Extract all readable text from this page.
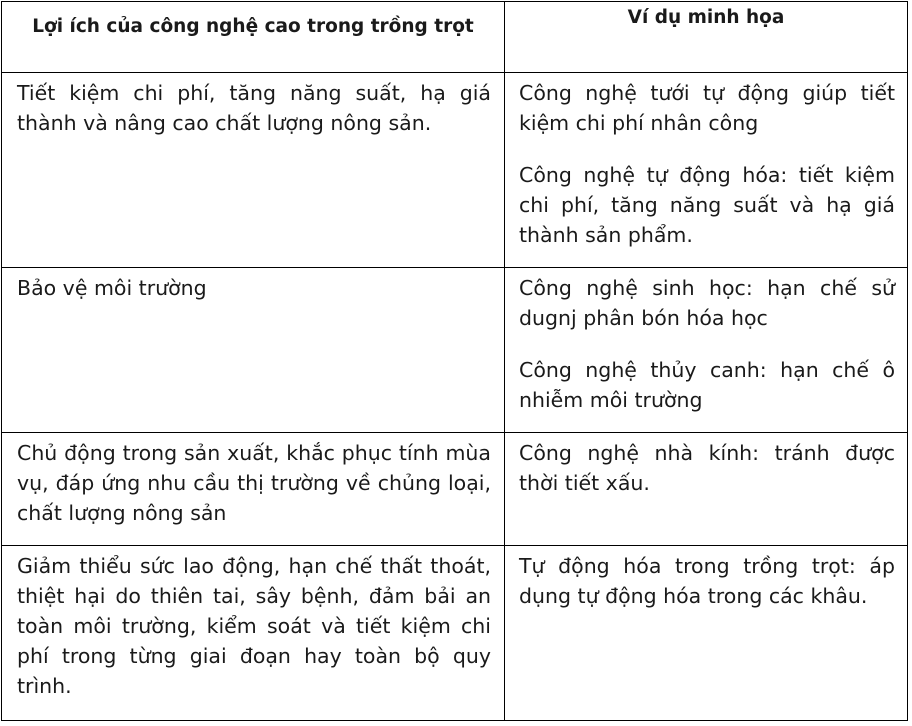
Lợi ích của công nghệ cao trong trồng trọt	Ví dụ minh họa

Tiết kiệm chi phí, tăng năng suất, hạ giá thành và nâng cao chất lượng nông sản.	Công nghệ tưới tự động giúp tiết kiệm chi phí nhân công

Công nghệ tự động hóa: tiết kiệm chi phí, tăng năng suất và hạ giá thành sản phẩm.

Bảo vệ môi trường	Công nghệ sinh học: hạn chế sử dugnj phân bón hóa học

Công nghệ thủy canh: hạn chế ô nhiễm môi trường

Chủ động trong sản xuất, khắc phục tính mùa vụ, đáp ứng nhu cầu thị trường về chủng loại, chất lượng nông sản	Công nghệ nhà kính: tránh được thời tiết xấu.

Giảm thiểu sức lao động, hạn chế thất thoát, thiệt hại do thiên tai, sây bệnh, đảm bải an toàn môi trường, kiểm soát và tiết kiệm chi phí trong từng giai đoạn hay toàn bộ quy trình.	Tự động hóa trong trồng trọt: áp dụng tự động hóa trong các khâu.
